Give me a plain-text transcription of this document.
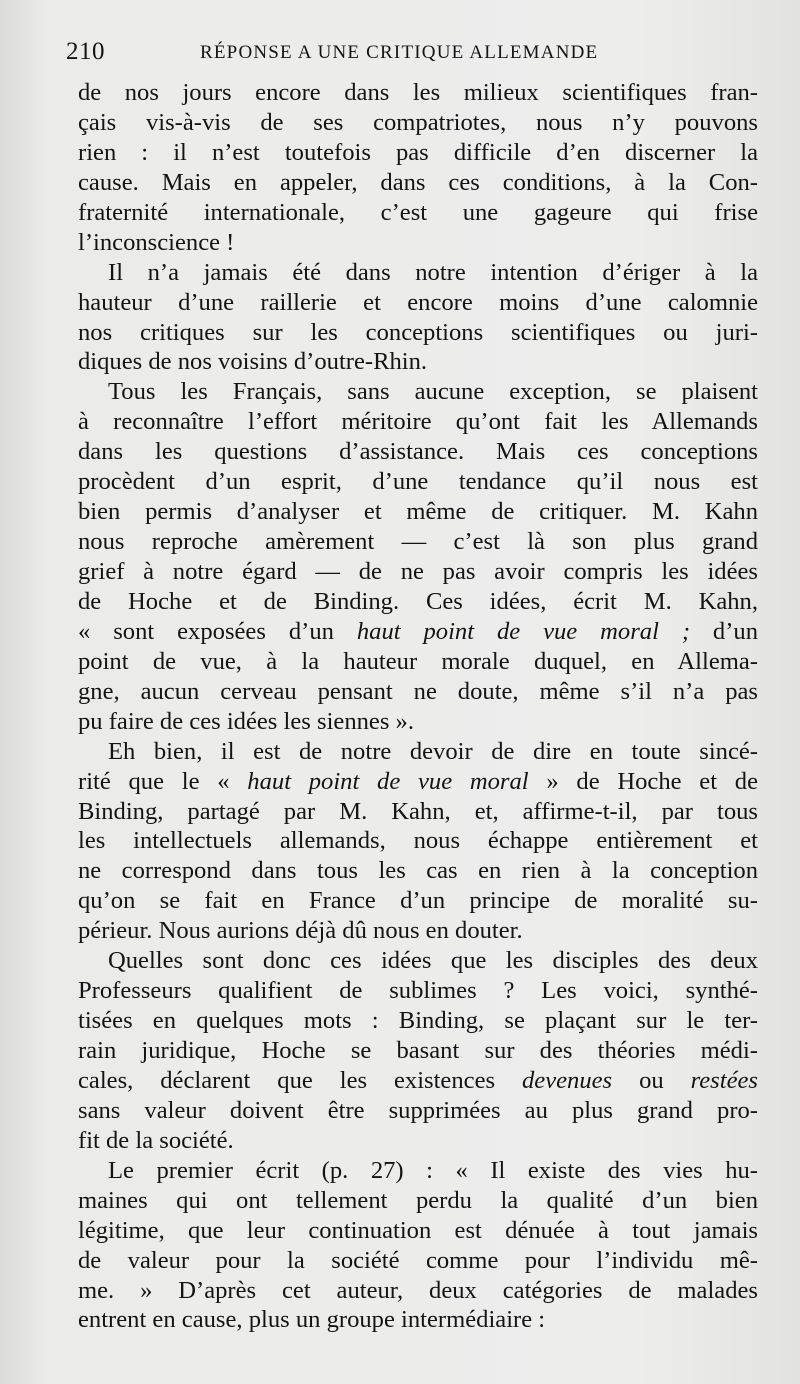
210	RÉPONSE A UNE CRITIQUE ALLEMANDE
de nos jours encore dans les milieux scientifiques fran-
çais vis-à-vis de ses compatriotes, nous n’y pouvons
rien : il n’est toutefois pas difficile d’en discerner la
cause. Mais en appeler, dans ces conditions, à la Con-
fraternité internationale, c’est une gageure qui frise
l’inconscience !
Il n’a jamais été dans notre intention d’ériger à la
hauteur d’une raillerie et encore moins d’une calomnie
nos critiques sur les conceptions scientifiques ou juri-
diques de nos voisins d’outre-Rhin.
Tous les Français, sans aucune exception, se plaisent
à reconnaître l’effort méritoire qu’ont fait les Allemands
dans les questions d’assistance. Mais ces conceptions
procèdent d’un esprit, d’une tendance qu’il nous est
bien permis d’analyser et même de critiquer. M. Kahn
nous reproche amèrement — c’est là son plus grand
grief à notre égard — de ne pas avoir compris les idées
de Hoche et de Binding. Ces idées, écrit M. Kahn,
« sont exposées d’un haut point de vue moral ; d’un
point de vue, à la hauteur morale duquel, en Allema-
gne, aucun cerveau pensant ne doute, même s’il n’a pas
pu faire de ces idées les siennes ».
Eh bien, il est de notre devoir de dire en toute sincé-
rité que le « haut point de vue moral » de Hoche et de
Binding, partagé par M. Kahn, et, affirme-t-il, par tous
les intellectuels allemands, nous échappe entièrement et
ne correspond dans tous les cas en rien à la conception
qu’on se fait en France d’un principe de moralité su-
périeur. Nous aurions déjà dû nous en douter.
Quelles sont donc ces idées que les disciples des deux
Professeurs qualifient de sublimes ? Les voici, synthé-
tisées en quelques mots : Binding, se plaçant sur le ter-
rain juridique, Hoche se basant sur des théories médi-
cales, déclarent que les existences devenues ou restées
sans valeur doivent être supprimées au plus grand pro-
fit de la société.
Le premier écrit (p. 27) : « Il existe des vies hu-
maines qui ont tellement perdu la qualité d’un bien
légitime, que leur continuation est dénuée à tout jamais
de valeur pour la société comme pour l’individu mê-
me. » D’après cet auteur, deux catégories de malades
entrent en cause, plus un groupe intermédiaire :
